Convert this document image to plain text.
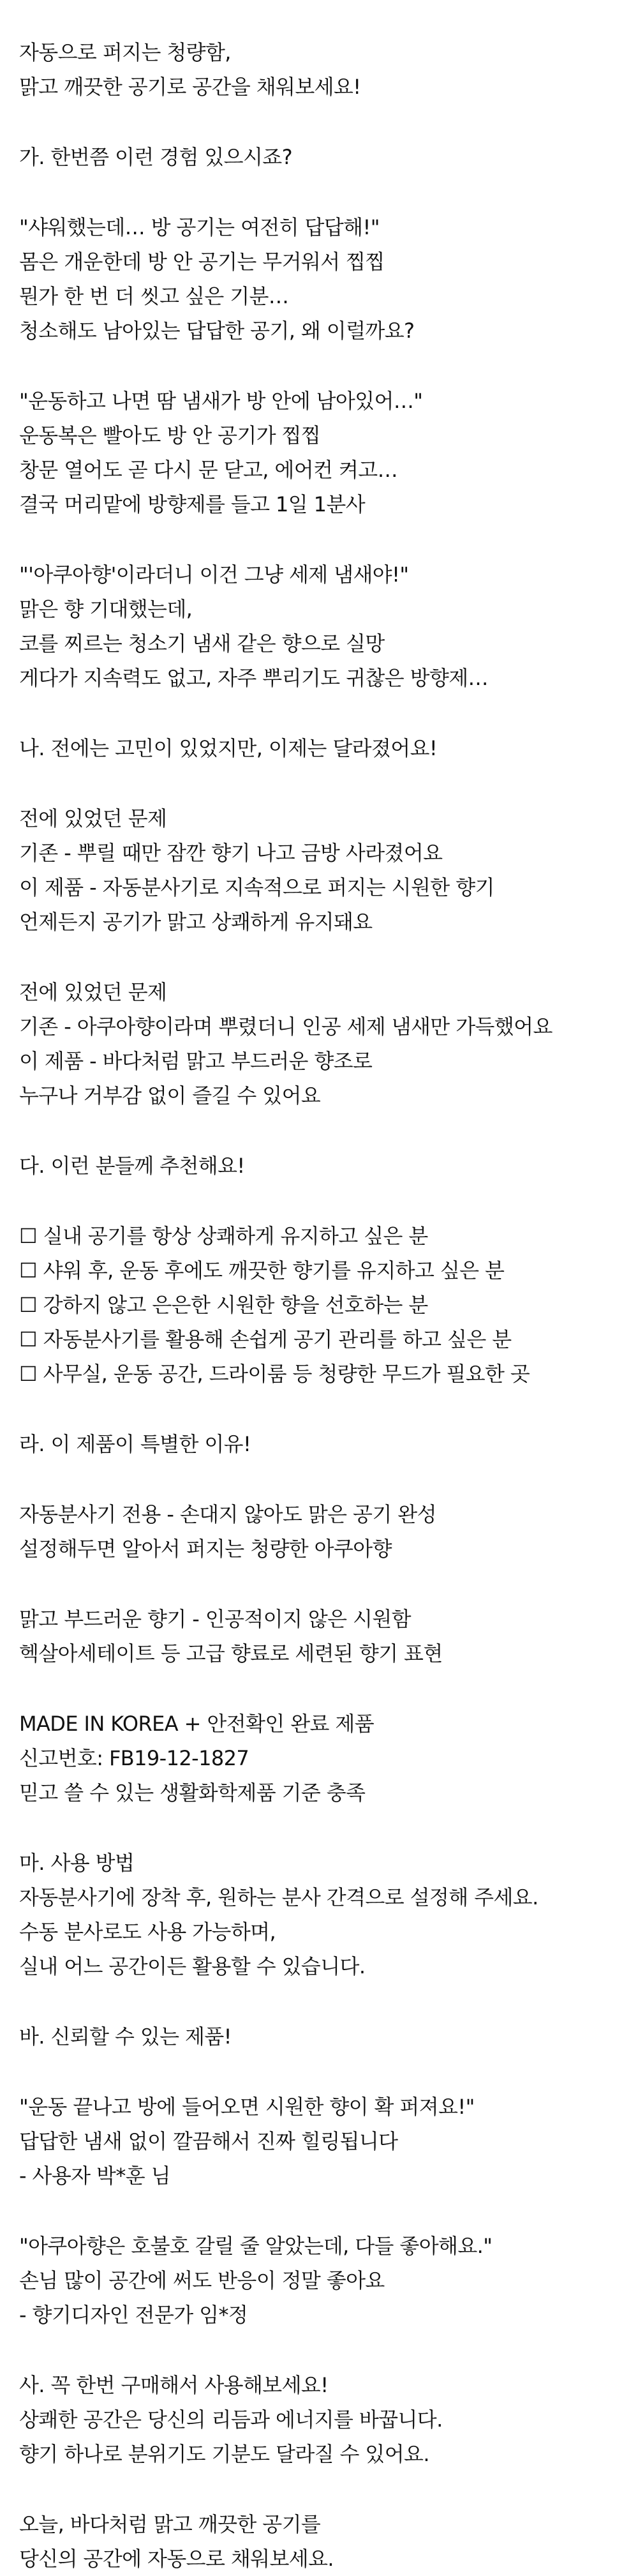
자동으로 퍼지는 청량함,
맑고 깨끗한 공기로 공간을 채워보세요!
가. 한번쯤 이런 경험 있으시죠?
"샤워했는데… 방 공기는 여전히 답답해!"
몸은 개운한데 방 안 공기는 무거워서 찝찝
뭔가 한 번 더 씻고 싶은 기분…
청소해도 남아있는 답답한 공기, 왜 이럴까요?
"운동하고 나면 땀 냄새가 방 안에 남아있어…"
운동복은 빨아도 방 안 공기가 찝찝
창문 열어도 곧 다시 문 닫고, 에어컨 켜고…
결국 머리맡에 방향제를 들고 1일 1분사
"'아쿠아향'이라더니 이건 그냥 세제 냄새야!"
맑은 향 기대했는데,
코를 찌르는 청소기 냄새 같은 향으로 실망
게다가 지속력도 없고, 자주 뿌리기도 귀찮은 방향제…
나. 전에는 고민이 있었지만, 이제는 달라졌어요!
전에 있었던 문제
기존 - 뿌릴 때만 잠깐 향기 나고 금방 사라졌어요
이 제품 - 자동분사기로 지속적으로 퍼지는 시원한 향기
언제든지 공기가 맑고 상쾌하게 유지돼요
전에 있었던 문제
기존 - 아쿠아향이라며 뿌렸더니 인공 세제 냄새만 가득했어요
이 제품 - 바다처럼 맑고 부드러운 향조로
누구나 거부감 없이 즐길 수 있어요
다. 이런 분들께 추천해요!
☐ 실내 공기를 항상 상쾌하게 유지하고 싶은 분
☐ 샤워 후, 운동 후에도 깨끗한 향기를 유지하고 싶은 분
☐ 강하지 않고 은은한 시원한 향을 선호하는 분
☐ 자동분사기를 활용해 손쉽게 공기 관리를 하고 싶은 분
☐ 사무실, 운동 공간, 드라이룸 등 청량한 무드가 필요한 곳
라. 이 제품이 특별한 이유!
자동분사기 전용 - 손대지 않아도 맑은 공기 완성
설정해두면 알아서 퍼지는 청량한 아쿠아향
맑고 부드러운 향기 - 인공적이지 않은 시원함
헥살아세테이트 등 고급 향료로 세련된 향기 표현
MADE IN KOREA + 안전확인 완료 제품
신고번호: FB19-12-1827
믿고 쓸 수 있는 생활화학제품 기준 충족
마. 사용 방법
자동분사기에 장착 후, 원하는 분사 간격으로 설정해 주세요.
수동 분사로도 사용 가능하며,
실내 어느 공간이든 활용할 수 있습니다.
바. 신뢰할 수 있는 제품!
"운동 끝나고 방에 들어오면 시원한 향이 확 퍼져요!"
답답한 냄새 없이 깔끔해서 진짜 힐링됩니다
- 사용자 박*훈 님
"아쿠아향은 호불호 갈릴 줄 알았는데, 다들 좋아해요."
손님 많이 공간에 써도 반응이 정말 좋아요
- 향기디자인 전문가 임*정
사. 꼭 한번 구매해서 사용해보세요!
상쾌한 공간은 당신의 리듬과 에너지를 바꿉니다.
향기 하나로 분위기도 기분도 달라질 수 있어요.
오늘, 바다처럼 맑고 깨끗한 공기를
당신의 공간에 자동으로 채워보세요.
